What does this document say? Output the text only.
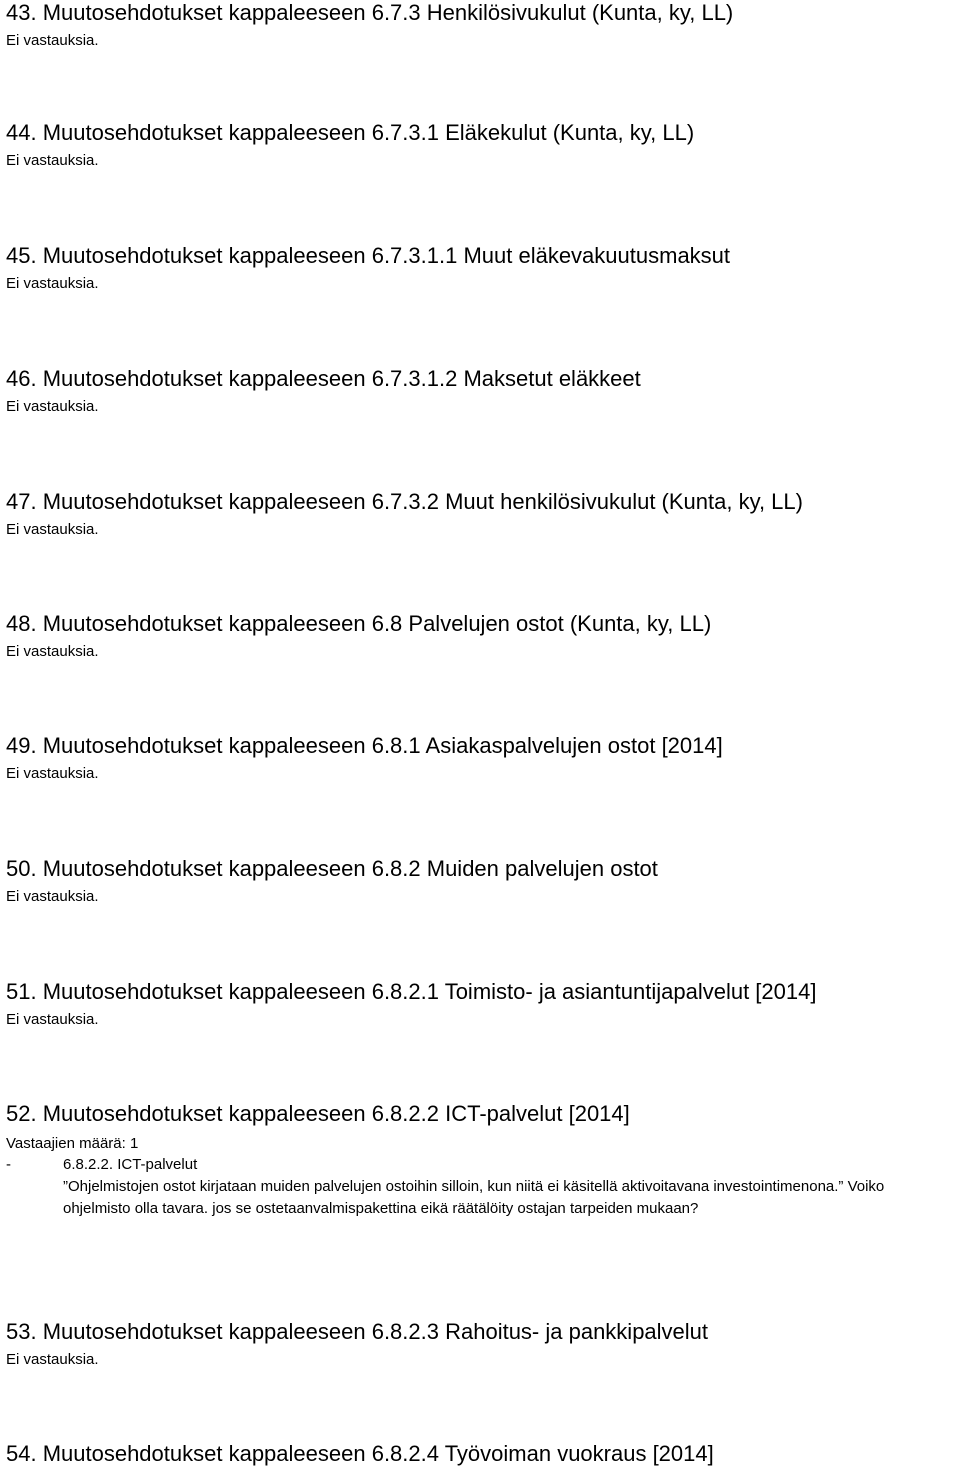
43. Muutosehdotukset kappaleeseen 6.7.3 Henkilösivukulut (Kunta, ky, LL)
Ei vastauksia.
44. Muutosehdotukset kappaleeseen 6.7.3.1 Eläkekulut (Kunta, ky, LL)
Ei vastauksia.
45. Muutosehdotukset kappaleeseen 6.7.3.1.1 Muut eläkevakuutusmaksut
Ei vastauksia.
46. Muutosehdotukset kappaleeseen 6.7.3.1.2 Maksetut eläkkeet
Ei vastauksia.
47. Muutosehdotukset kappaleeseen 6.7.3.2 Muut henkilösivukulut (Kunta, ky, LL)
Ei vastauksia.
48. Muutosehdotukset kappaleeseen 6.8 Palvelujen ostot (Kunta, ky, LL)
Ei vastauksia.
49. Muutosehdotukset kappaleeseen 6.8.1 Asiakaspalvelujen ostot [2014]
Ei vastauksia.
50. Muutosehdotukset kappaleeseen 6.8.2 Muiden palvelujen ostot
Ei vastauksia.
51. Muutosehdotukset kappaleeseen 6.8.2.1 Toimisto- ja asiantuntijapalvelut [2014]
Ei vastauksia.
52. Muutosehdotukset kappaleeseen 6.8.2.2 ICT-palvelut [2014]
Vastaajien määrä: 1
-	6.8.2.2. ICT-palvelut
”Ohjelmistojen ostot kirjataan muiden palvelujen ostoihin silloin, kun niitä ei käsitellä aktivoitavana investointimenona.” Voiko ohjelmisto olla tavara. jos se ostetaanvalmispakettina eikä räätälöity ostajan tarpeiden mukaan?
53. Muutosehdotukset kappaleeseen 6.8.2.3 Rahoitus- ja pankkipalvelut
Ei vastauksia.
54. Muutosehdotukset kappaleeseen 6.8.2.4 Työvoiman vuokraus [2014]
